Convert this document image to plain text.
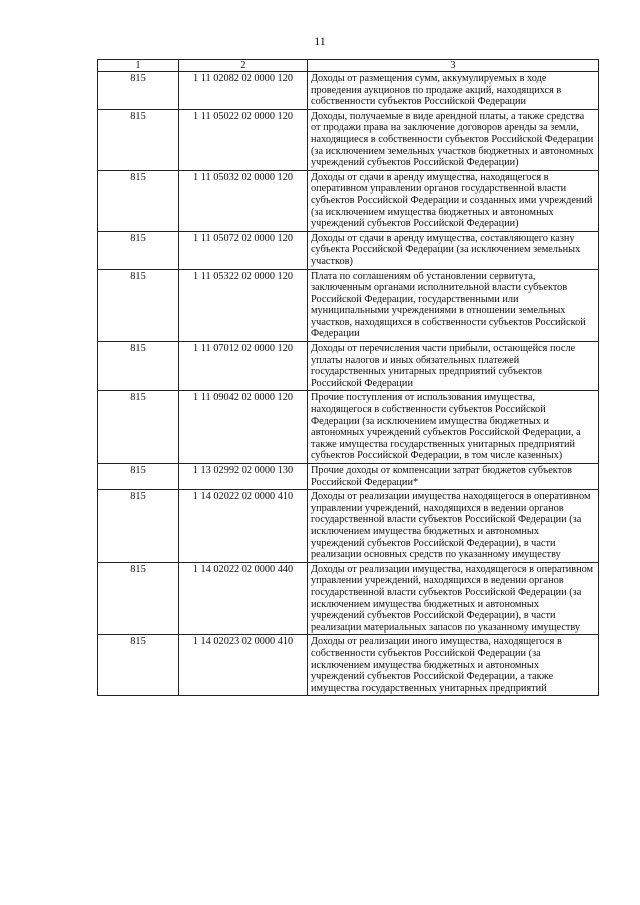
11
1	2	3
815	1 11 02082 02 0000 120	Доходы от размещения сумм, аккумулируемых в ходе проведения аукционов по продаже акций, находящихся в собственности субъектов Российской Федерации
815	1 11 05022 02 0000 120	Доходы, получаемые в виде арендной платы, а также средства от продажи права на заключение договоров аренды за земли, находящиеся в собственности субъектов Российской Федерации (за исключением земельных участков бюджетных и автономных учреждений субъектов Российской Федерации)
815	1 11 05032 02 0000 120	Доходы от сдачи в аренду имущества, находящегося в оперативном управлении органов государственной власти субъектов Российской Федерации и созданных ими учреждений (за исключением имущества бюджетных и автономных учреждений субъектов Российской Федерации)
815	1 11 05072 02 0000 120	Доходы от сдачи в аренду имущества, составляющего казну субъекта Российской Федерации (за исключением земельных участков)
815	1 11 05322 02 0000 120	Плата по соглашениям об установлении сервитута, заключенным органами исполнительной власти субъектов Российской Федерации, государственными или муниципальными учреждениями в отношении земельных участков, находящихся в собственности субъектов Российской Федерации
815	1 11 07012 02 0000 120	Доходы от перечисления части прибыли, остающейся после уплаты налогов и иных обязательных платежей государственных унитарных предприятий субъектов Российской Федерации
815	1 11 09042 02 0000 120	Прочие поступления от использования имущества, находящегося в собственности субъектов Российской Федерации (за исключением имущества бюджетных и автономных учреждений субъектов Российской Федерации, а также имущества государственных унитарных предприятий субъектов Российской Федерации, в том числе казенных)
815	1 13 02992 02 0000 130	Прочие доходы от компенсации затрат бюджетов субъектов Российской Федерации*
815	1 14 02022 02 0000 410	Доходы от реализации имущества находящегося в оперативном управлении учреждений, находящихся в ведении органов государственной власти субъектов Российской Федерации (за исключением имущества бюджетных и автономных учреждений субъектов Российской Федерации), в части реализации основных средств по указанному имуществу
815	1 14 02022 02 0000 440	Доходы от реализации имущества, находящегося в оперативном управлении учреждений, находящихся в ведении органов государственной власти субъектов Российской Федерации (за исключением имущества бюджетных и автономных учреждений субъектов Российской Федерации), в части реализации материальных запасов по указанному имуществу
815	1 14 02023 02 0000 410	Доходы от реализации иного имущества, находящегося в собственности субъектов Российской Федерации (за исключением имущества бюджетных и автономных учреждений субъектов Российской Федерации, а также имущества государственных унитарных предприятий
